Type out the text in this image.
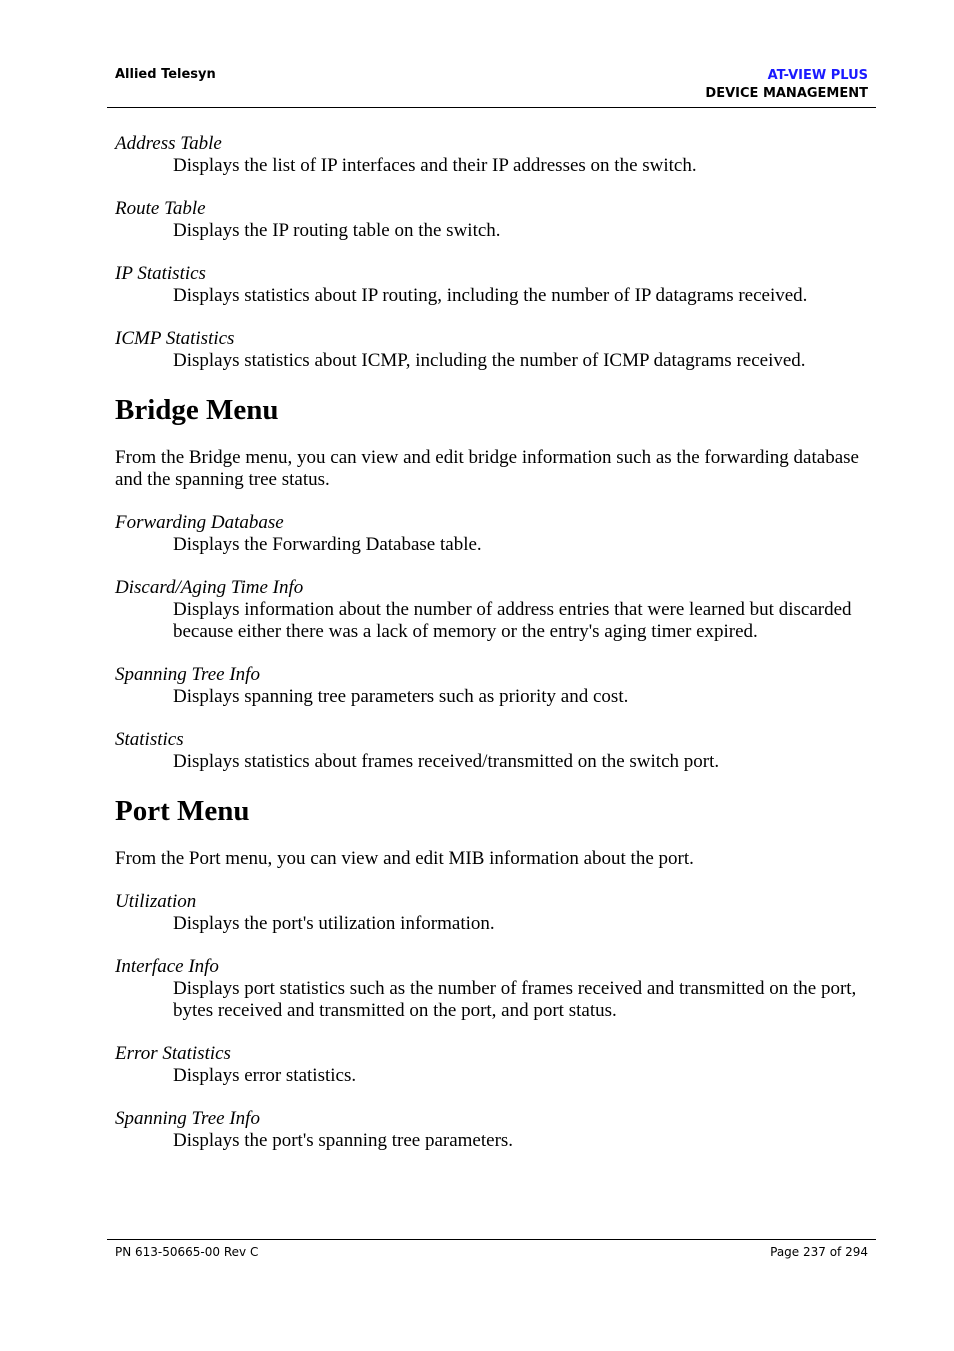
Allied Telesyn	AT-VIEW PLUS
DEVICE MANAGEMENT
Address Table
Displays the list of IP interfaces and their IP addresses on the switch.
Route Table
Displays the IP routing table on the switch.
IP Statistics
Displays statistics about IP routing, including the number of IP datagrams received.
ICMP Statistics
Displays statistics about ICMP, including the number of ICMP datagrams received.
Bridge Menu
From the Bridge menu, you can view and edit bridge information such as the forwarding database and the spanning tree status.
Forwarding Database
Displays the Forwarding Database table.
Discard/Aging Time Info
Displays information about the number of address entries that were learned but discarded because either there was a lack of memory or the entry's aging timer expired.
Spanning Tree Info
Displays spanning tree parameters such as priority and cost.
Statistics
Displays statistics about frames received/transmitted on the switch port.
Port Menu
From the Port menu, you can view and edit MIB information about the port.
Utilization
Displays the port's utilization information.
Interface Info
Displays port statistics such as the number of frames received and transmitted on the port, bytes received and transmitted on the port, and port status.
Error Statistics
Displays error statistics.
Spanning Tree Info
Displays the port's spanning tree parameters.
PN 613-50665-00 Rev C	Page 237 of 294
